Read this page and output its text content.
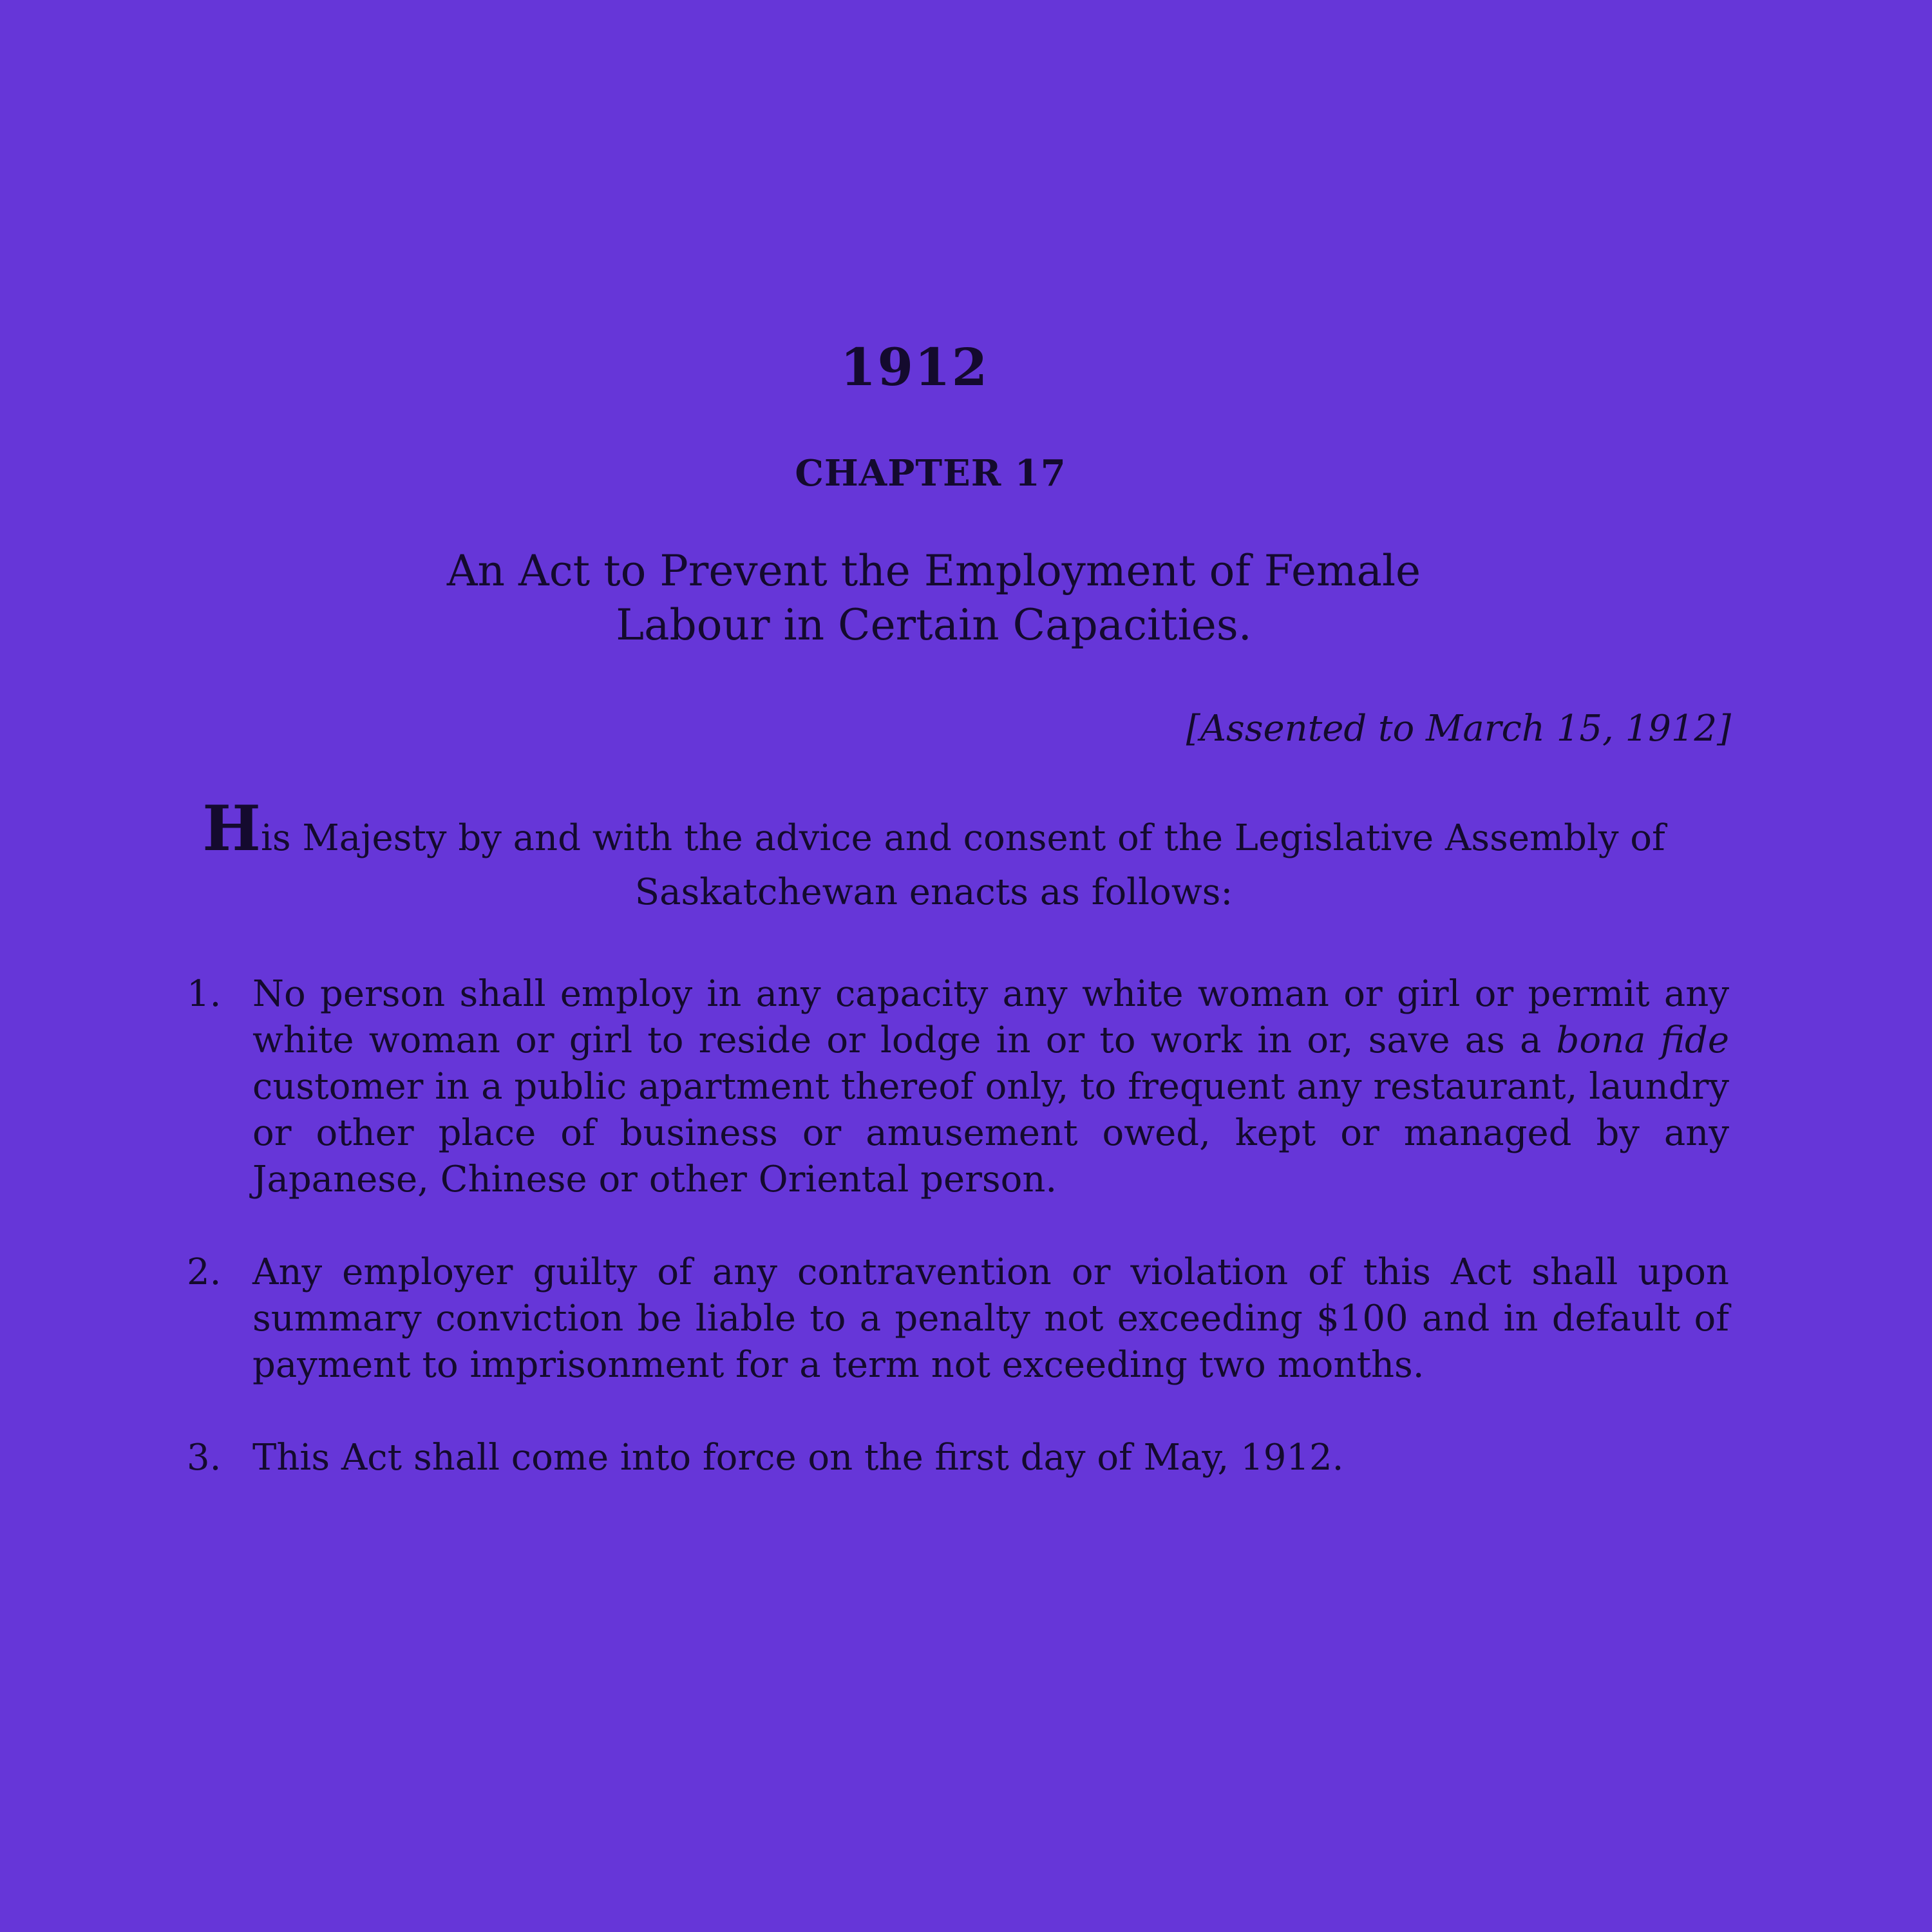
1912
CHAPTER 17
An Act to Prevent the Employment of Female
Labour in Certain Capacities.
[Assented to March 15, 1912]
His Majesty by and with the advice and consent of the Legislative Assembly of Saskatchewan enacts as follows:
1. No person shall employ in any capacity any white woman or girl or permit any white woman or girl to reside or lodge in or to work in or, save as a bona fide customer in a public apartment thereof only, to frequent any restaurant, laundry or other place of business or amusement owed, kept or managed by any Japanese, Chinese or other Oriental person.
2. Any employer guilty of any contravention or violation of this Act shall upon summary conviction be liable to a penalty not exceeding $100 and in default of payment to imprisonment for a term not exceeding two months.
3. This Act shall come into force on the first day of May, 1912.
